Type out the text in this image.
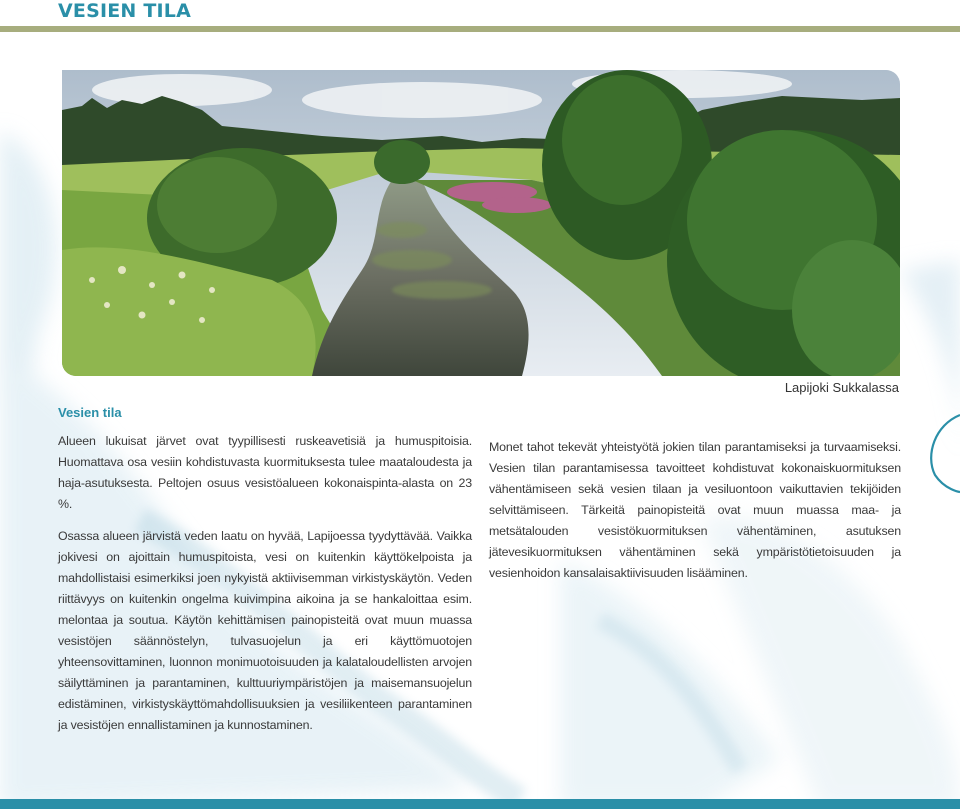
VESIEN TILA
Lapijoki Sukkalassa
Vesien tila

Alueen lukuisat järvet ovat tyypillisesti ruskeavetisiä ja humuspitoisia. Huomattava osa vesiin kohdistuvasta kuormituksesta tulee maataloudesta ja haja-asutuksesta. Peltojen osuus vesistöalueen kokonaispinta-alasta on 23 %.

Osassa alueen järvistä veden laatu on hyvää, Lapijoessa tyydyttävää. Vaikka jokivesi on ajoittain humuspitoista, vesi on kuitenkin käyttökelpoista ja mahdollistaisi esimerkiksi joen nykyistä aktiivisemman virkistyskäytön. Veden riittävyys on kuitenkin ongelma kuivimpina aikoina ja se hankaloittaa esim. melontaa ja soutua. Käytön kehittämisen painopisteitä ovat muun muassa vesistöjen säännöstelyn, tulvasuojelun ja eri käyttömuotojen yhteensovittaminen, luonnon monimuotoisuuden ja kalataloudellisten arvojen säilyttäminen ja parantaminen, kulttuuriympäristöjen ja maisemansuojelun edistäminen, virkistyskäyttömahdollisuuksien ja vesiliikenteen parantaminen ja vesistöjen ennallistaminen ja kunnostaminen.

Monet tahot tekevät yhteistyötä jokien tilan parantamiseksi ja turvaamiseksi. Vesien tilan parantamisessa tavoitteet kohdistuvat kokonaiskuormituksen vähentämiseen sekä vesien tilaan ja vesiluontoon vaikuttavien tekijöiden selvittämiseen. Tärkeitä painopisteitä ovat muun muassa maa- ja metsätalouden vesistökuormituksen vähentäminen, asutuksen jätevesikuormituksen vähentäminen sekä ympäristötietoisuuden ja vesienhoidon kansalaisaktiivisuuden lisääminen.
